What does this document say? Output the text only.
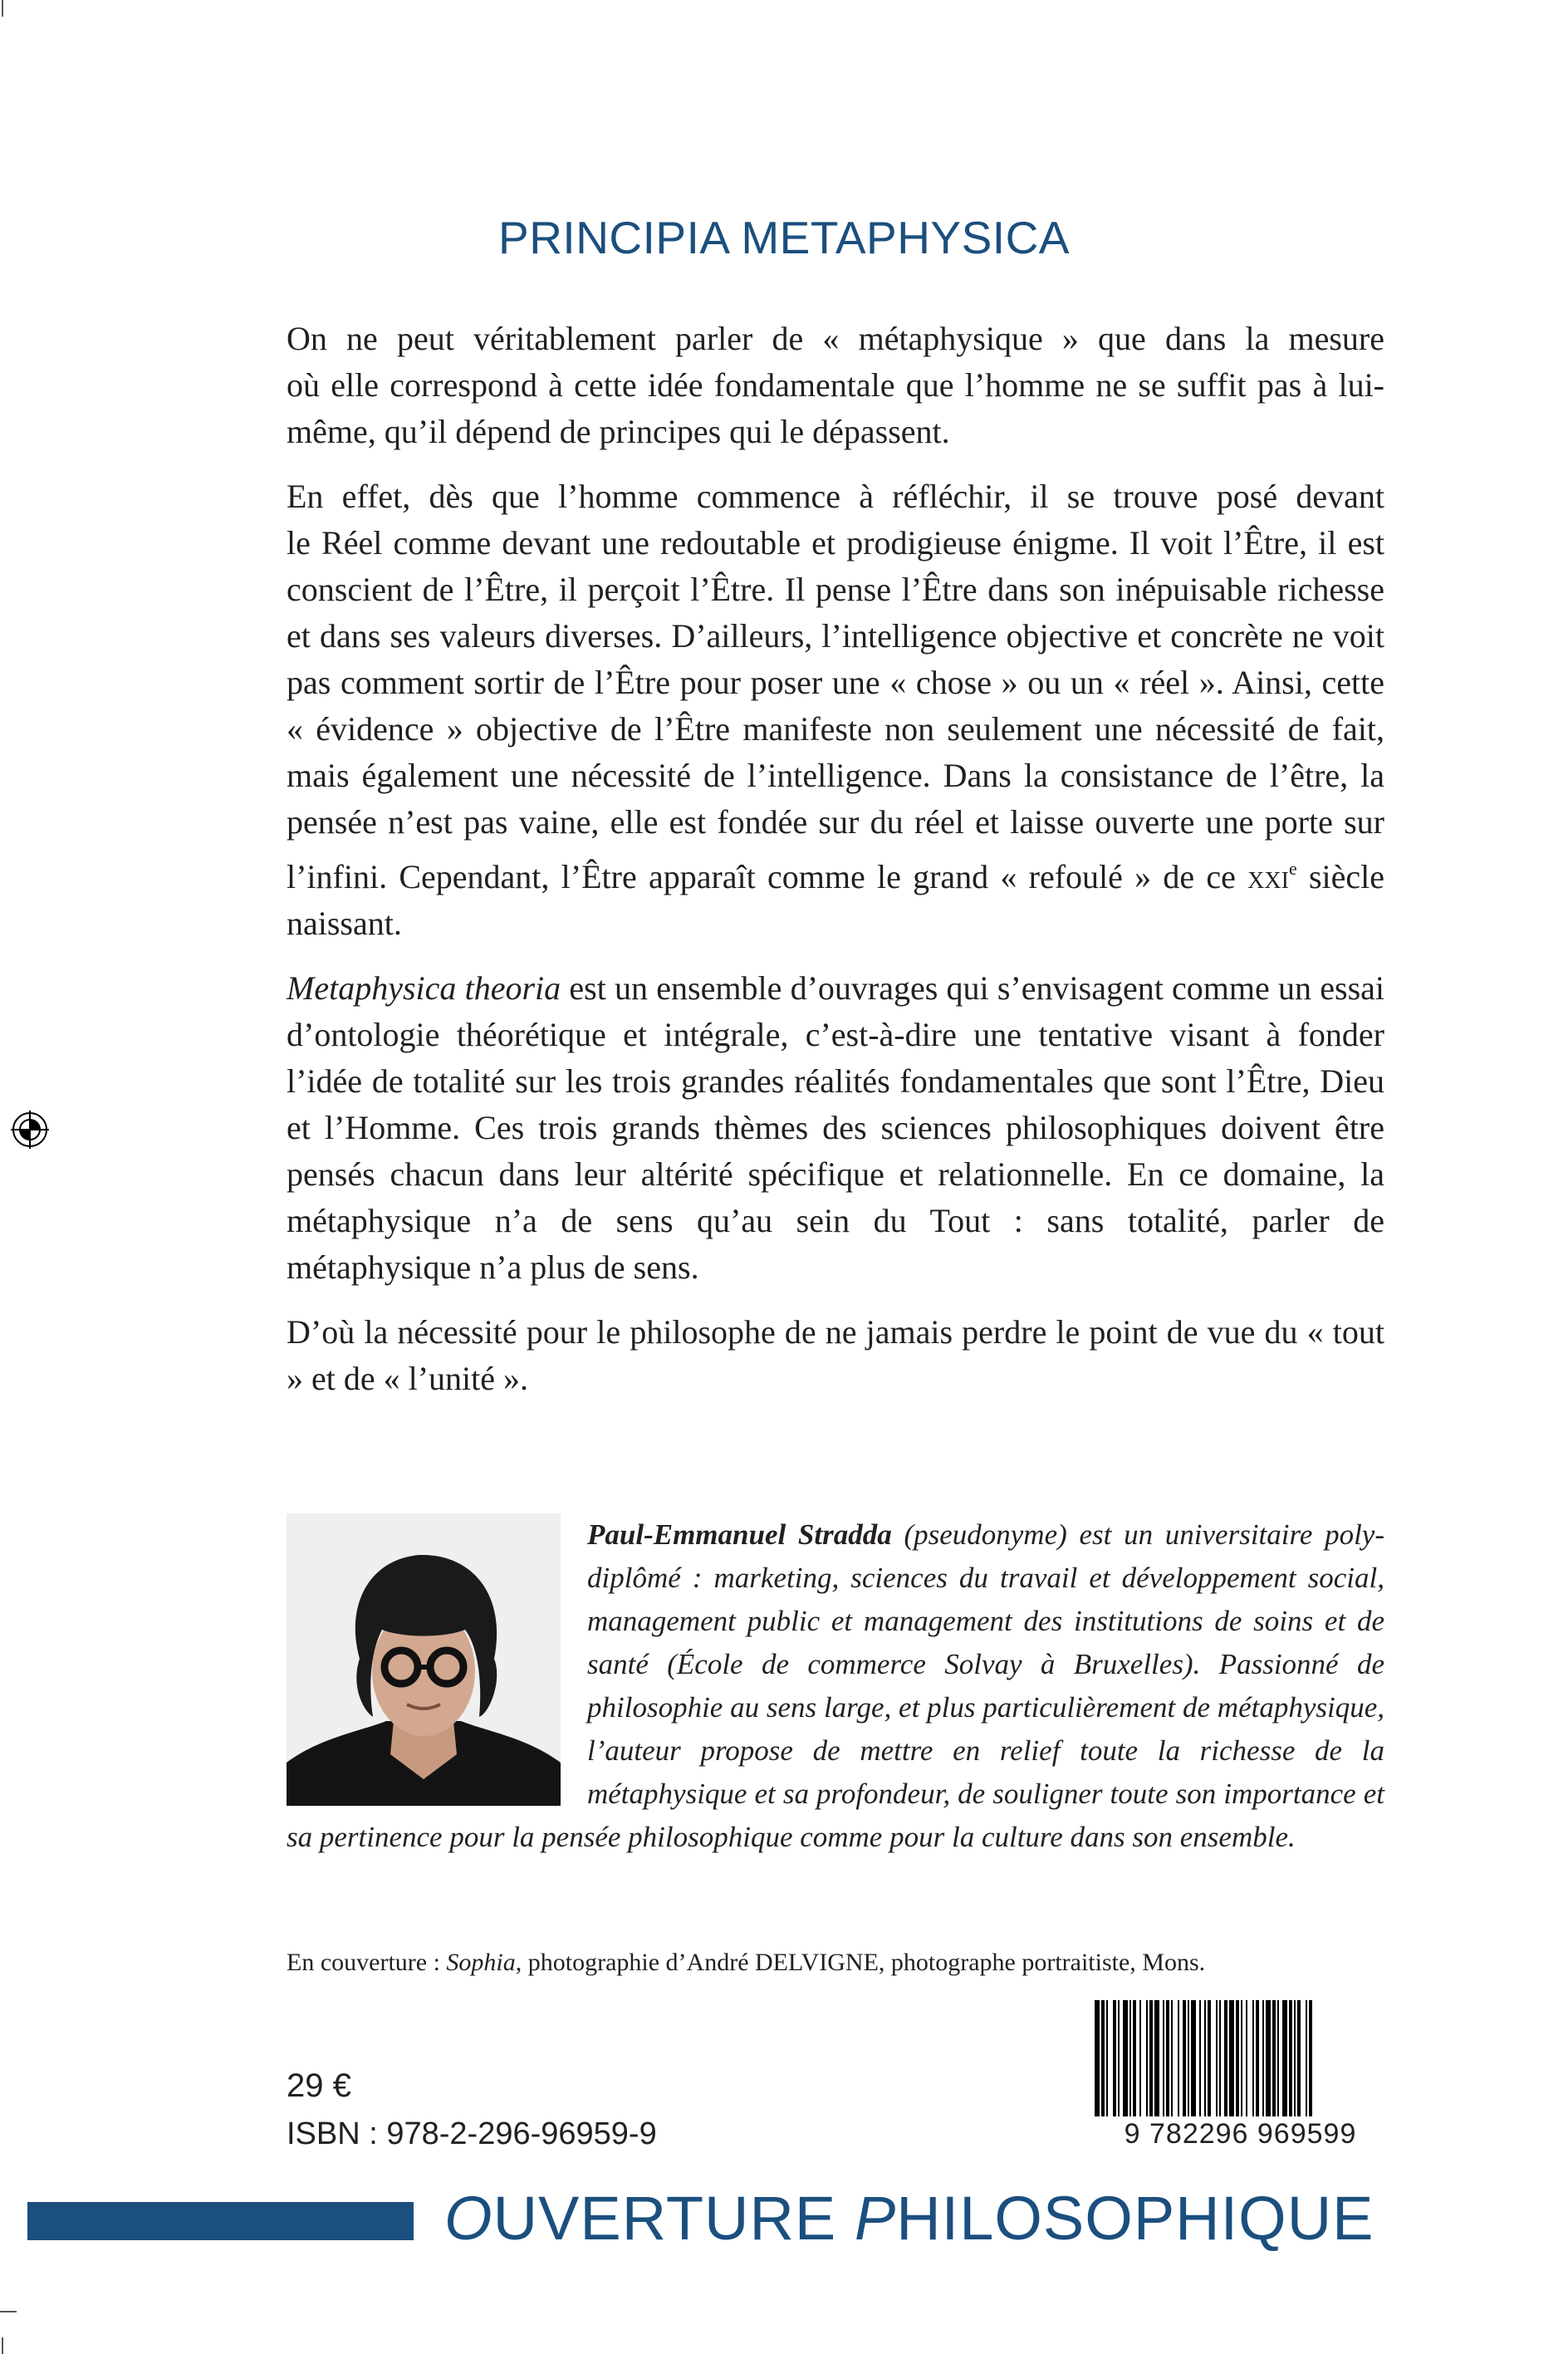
PRINCIPIA METAPHYSICA

On ne peut véritablement parler de « métaphysique » que dans la mesure
où elle correspond à cette idée fondamentale que l’homme ne se suffit pas à lui-même, qu’il dépend de principes qui le dépassent.

En effet, dès que l’homme commence à réfléchir, il se trouve posé devant
le Réel comme devant une redoutable et prodigieuse énigme. Il voit l’Être, il est conscient de l’Être, il perçoit l’Être. Il pense l’Être dans son inépuisable richesse et dans ses valeurs diverses. D’ailleurs, l’intelligence objective et concrète ne voit pas comment sortir de l’Être pour poser une « chose » ou un « réel ». Ainsi, cette « évidence » objective de l’Être manifeste non seulement une nécessité de fait, mais également une nécessité de l’intelligence. Dans la consistance de l’être, la pensée n’est pas vaine, elle est fondée sur du réel et laisse ouverte une porte sur l’infini. Cependant, l’Être apparaît comme le grand « refoulé » de ce xxi$^e$ siècle naissant.

Metaphysica theoria est un ensemble d’ouvrages qui s’envisagent comme un essai d’ontologie théorétique et intégrale, c’est-à-dire une tentative visant à fonder l’idée de totalité sur les trois grandes réalités fondamentales que sont l’Être, Dieu et l’Homme. Ces trois grands thèmes des sciences philosophiques doivent être pensés chacun dans leur altérité spécifique et relationnelle. En ce domaine, la métaphysique n’a de sens qu’au sein du Tout : sans totalité, parler de métaphysique n’a plus de sens.

D’où la nécessité pour le philosophe de ne jamais perdre le point de vue du « tout » et de « l’unité ».

Paul-Emmanuel Stradda (pseudonyme) est un universitaire poly-diplômé : marketing, sciences du travail et développement social, management public et management des institutions de soins et de santé (École de commerce Solvay à Bruxelles). Passionné de philosophie au sens large, et plus particulièrement de métaphysique, l’auteur propose de mettre en relief toute la richesse de la métaphysique et sa profondeur, de souligner toute son importance et sa pertinence pour la pensée philosophique comme pour la culture dans son ensemble.

En couverture : Sophia, photographie d’André DELVIGNE, photographe portraitiste, Mons.
29 €
ISBN : 978-2-296-96959-9	9 782296 969599
OUVERTURE PHILOSOPHIQUE
